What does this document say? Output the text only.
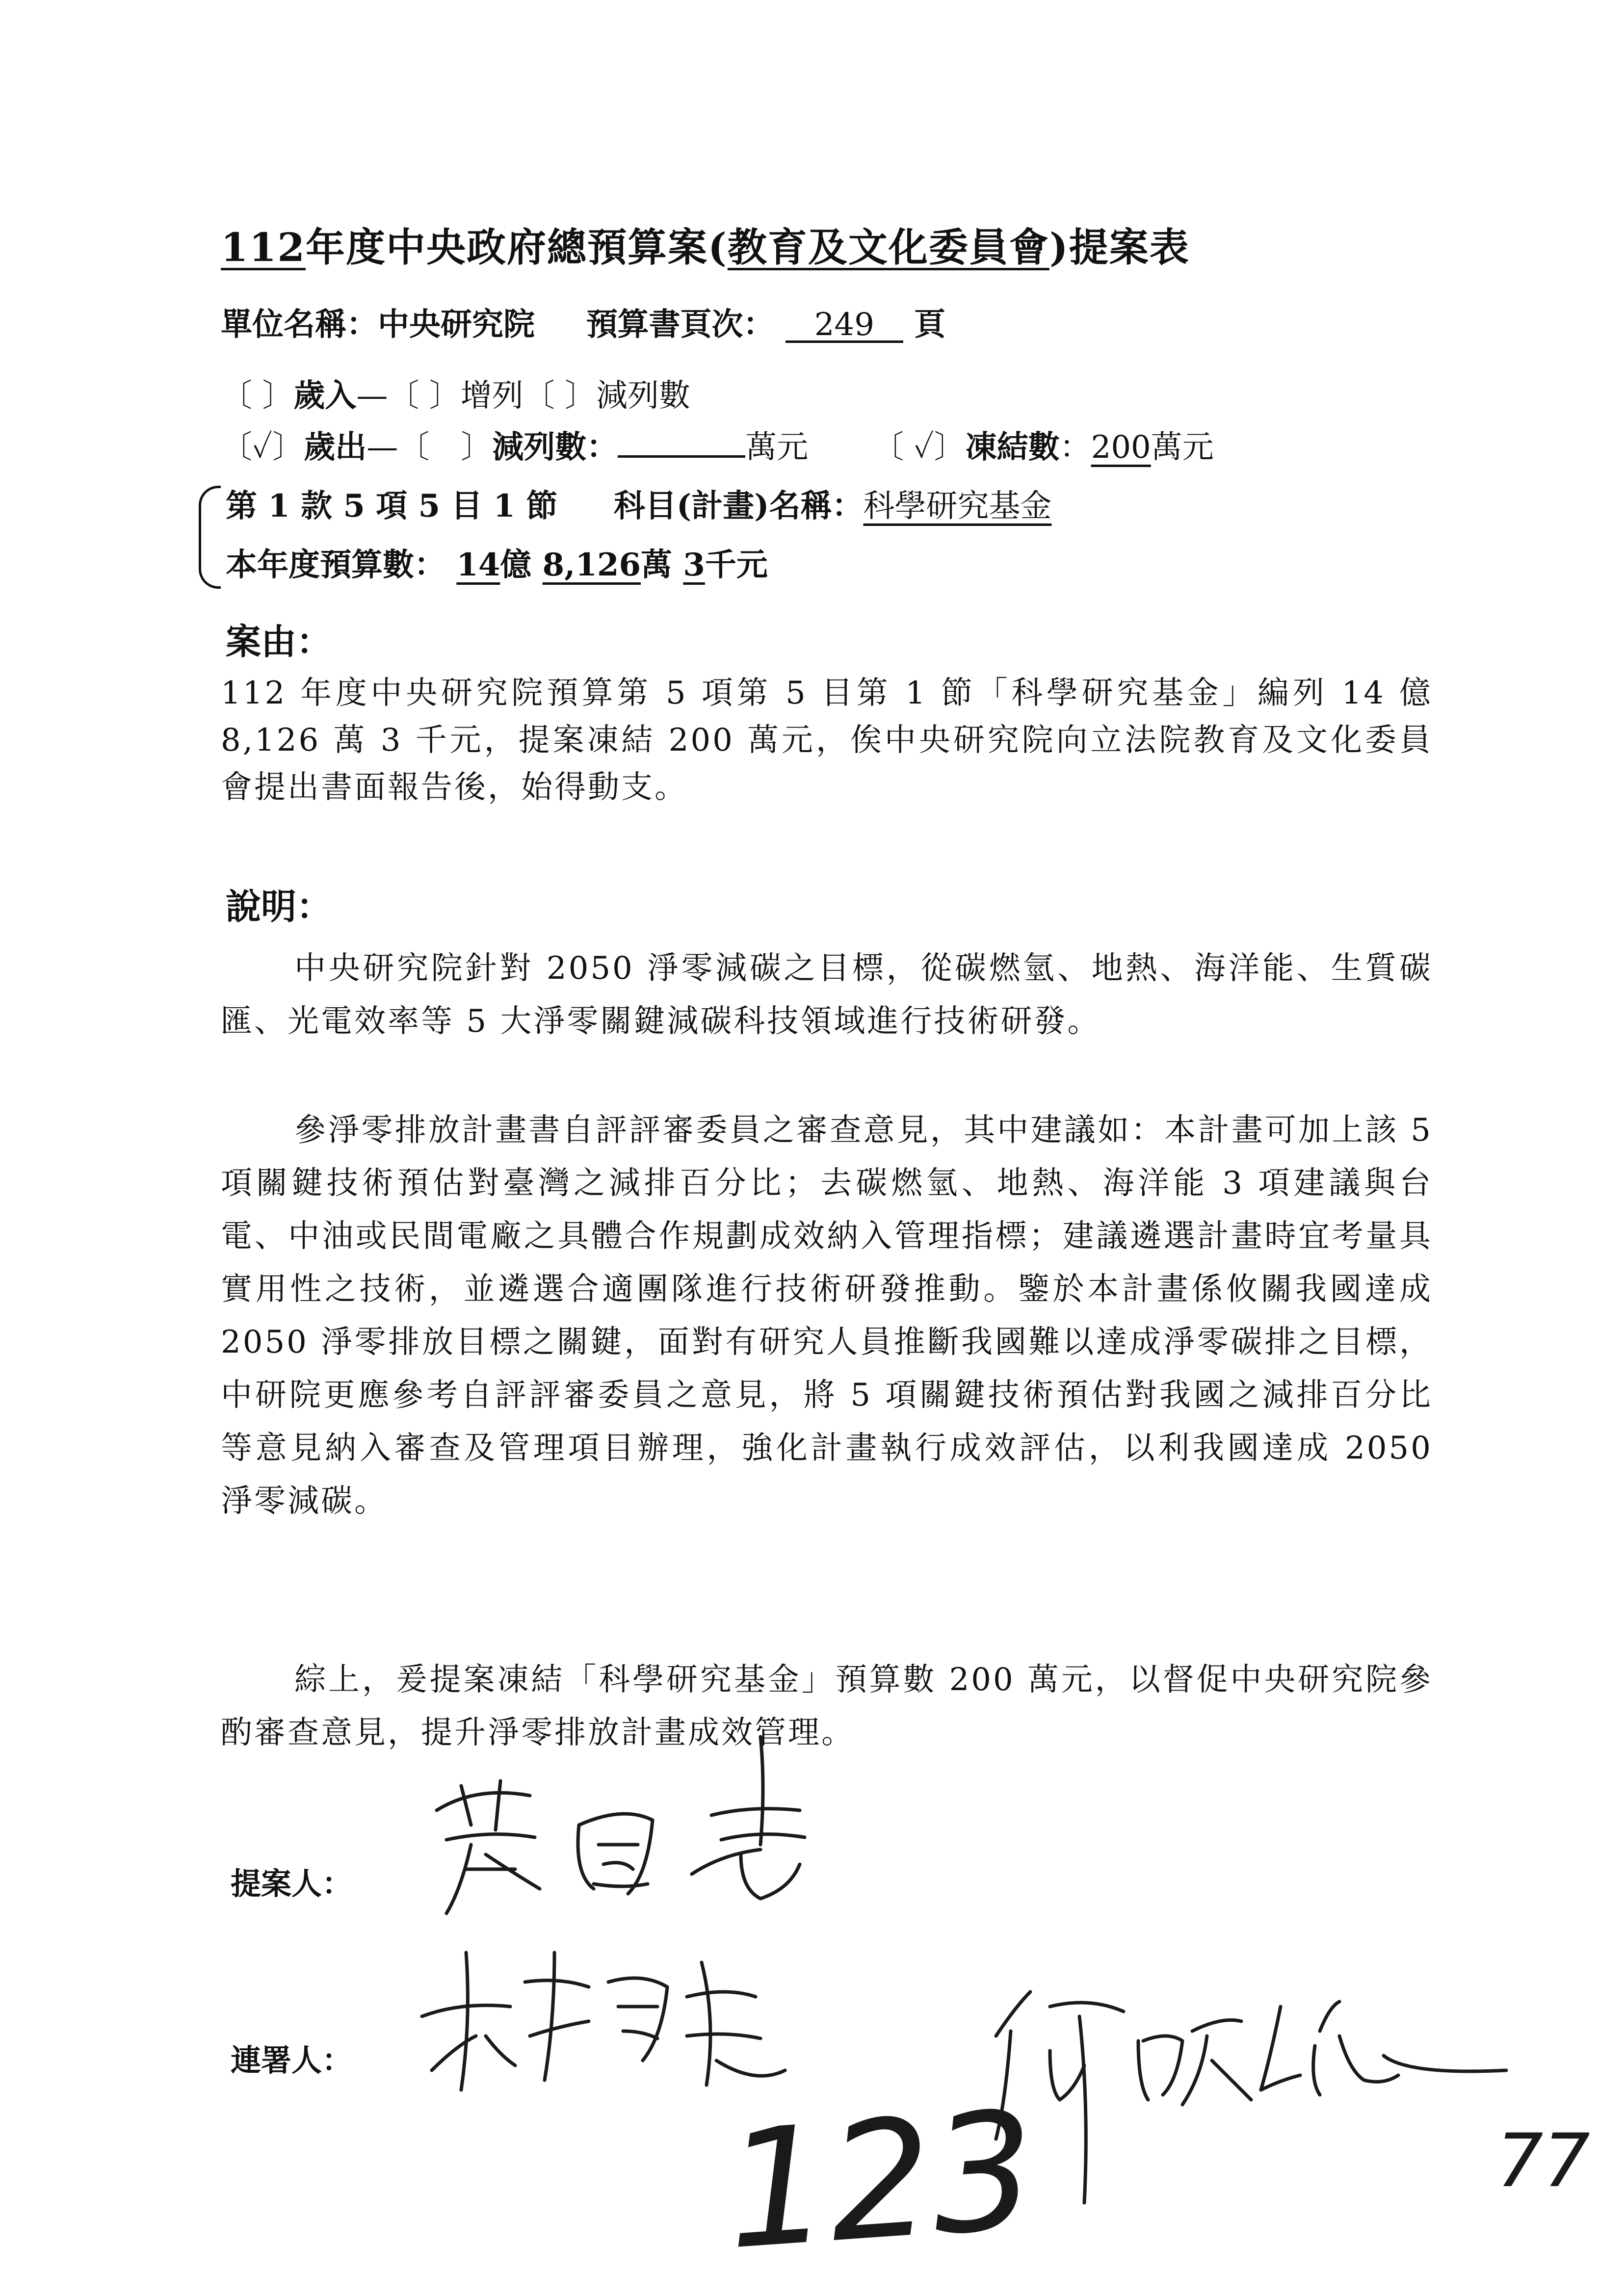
112年度中央政府總預算案(教育及文化委員會)提案表
單位名稱：中央研究院 預算書頁次： 249 頁
〔 〕歲入—〔 〕增列〔 〕減列數
〔✓〕歲出—〔　〕減列數：	萬元 〔 ✓〕凍結數：200萬元
第 1 款 5 項 5 目 1 節 科目(計畫)名稱：科學研究基金
本年度預算數： 14億 8,126萬 3千元
案由：
112 年度中央研究院預算第 5 項第 5 目第 1 節「科學研究基金」編列 14 億 8,126 萬 3 千元，提案凍結 200 萬元，俟中央研究院向立法院教育及文化委員會提出書面報告後，始得動支。
說明：
中央研究院針對 2050 淨零減碳之目標，從碳燃氫、地熱、海洋能、生質碳匯、光電效率等 5 大淨零關鍵減碳科技領域進行技術研發。
參淨零排放計畫書自評評審委員之審查意見，其中建議如：本計畫可加上該 5 項關鍵技術預估對臺灣之減排百分比；去碳燃氫、地熱、海洋能 3 項建議與台電、中油或民間電廠之具體合作規劃成效納入管理指標；建議遴選計畫時宜考量具實用性之技術，並遴選合適團隊進行技術研發推動。鑒於本計畫係攸關我國達成 2050 淨零排放目標之關鍵，面對有研究人員推斷我國難以達成淨零碳排之目標，中研院更應參考自評評審委員之意見，將 5 項關鍵技術預估對我國之減排百分比等意見納入審查及管理項目辦理，強化計畫執行成效評估，以利我國達成 2050 淨零減碳。
綜上，爰提案凍結「科學研究基金」預算數 200 萬元，以督促中央研究院參酌審查意見，提升淨零排放計畫成效管理。
提案人：
連署人：
123	77
